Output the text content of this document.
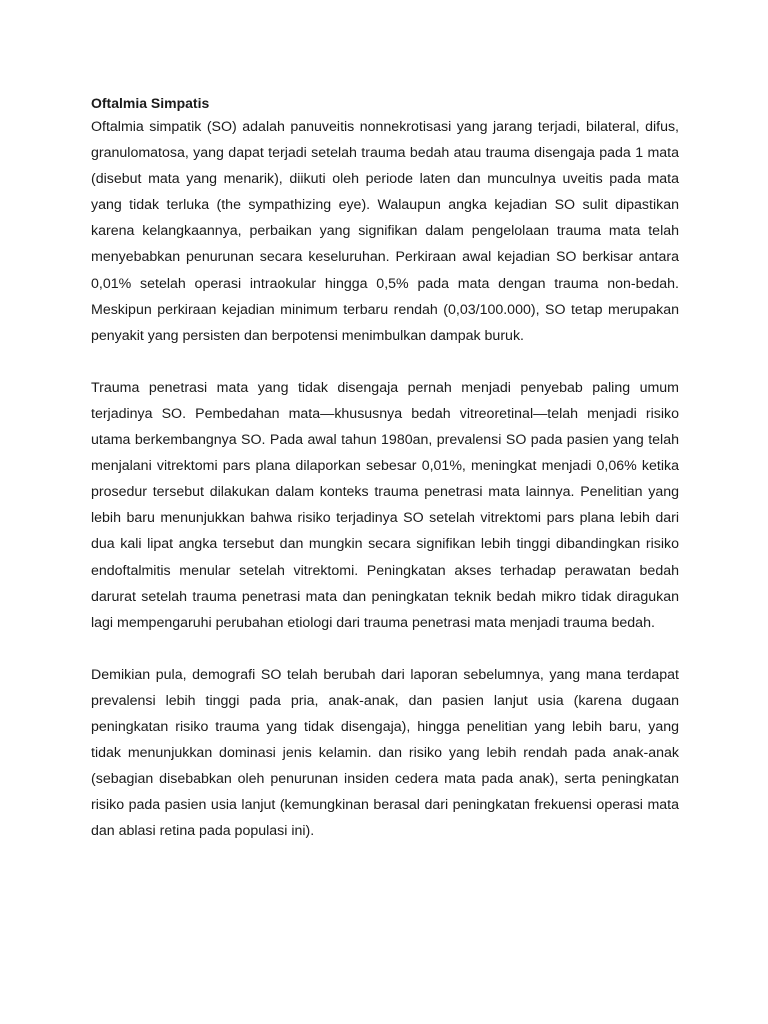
Oftalmia Simpatis

Oftalmia simpatik (SO) adalah panuveitis nonnekrotisasi yang jarang terjadi, bilateral, difus, granulomatosa, yang dapat terjadi setelah trauma bedah atau trauma disengaja pada 1 mata (disebut mata yang menarik), diikuti oleh periode laten dan munculnya uveitis pada mata yang tidak terluka (the sympathizing eye). Walaupun angka kejadian SO sulit dipastikan karena kelangkaannya, perbaikan yang signifikan dalam pengelolaan trauma mata telah menyebabkan penurunan secara keseluruhan. Perkiraan awal kejadian SO berkisar antara 0,01% setelah operasi intraokular hingga 0,5% pada mata dengan trauma non-bedah. Meskipun perkiraan kejadian minimum terbaru rendah (0,03/100.000), SO tetap merupakan penyakit yang persisten dan berpotensi menimbulkan dampak buruk.

Trauma penetrasi mata yang tidak disengaja pernah menjadi penyebab paling umum terjadinya SO. Pembedahan mata—khususnya bedah vitreoretinal—telah menjadi risiko utama berkembangnya SO. Pada awal tahun 1980an, prevalensi SO pada pasien yang telah menjalani vitrektomi pars plana dilaporkan sebesar 0,01%, meningkat menjadi 0,06% ketika prosedur tersebut dilakukan dalam konteks trauma penetrasi mata lainnya. Penelitian yang lebih baru menunjukkan bahwa risiko terjadinya SO setelah vitrektomi pars plana lebih dari dua kali lipat angka tersebut dan mungkin secara signifikan lebih tinggi dibandingkan risiko endoftalmitis menular setelah vitrektomi. Peningkatan akses terhadap perawatan bedah darurat setelah trauma penetrasi mata dan peningkatan teknik bedah mikro tidak diragukan lagi mempengaruhi perubahan etiologi dari trauma penetrasi mata menjadi trauma bedah.

Demikian pula, demografi SO telah berubah dari laporan sebelumnya, yang mana terdapat prevalensi lebih tinggi pada pria, anak-anak, dan pasien lanjut usia (karena dugaan peningkatan risiko trauma yang tidak disengaja), hingga penelitian yang lebih baru, yang tidak menunjukkan dominasi jenis kelamin. dan risiko yang lebih rendah pada anak-anak (sebagian disebabkan oleh penurunan insiden cedera mata pada anak), serta peningkatan risiko pada pasien usia lanjut (kemungkinan berasal dari peningkatan frekuensi operasi mata dan ablasi retina pada populasi ini).
